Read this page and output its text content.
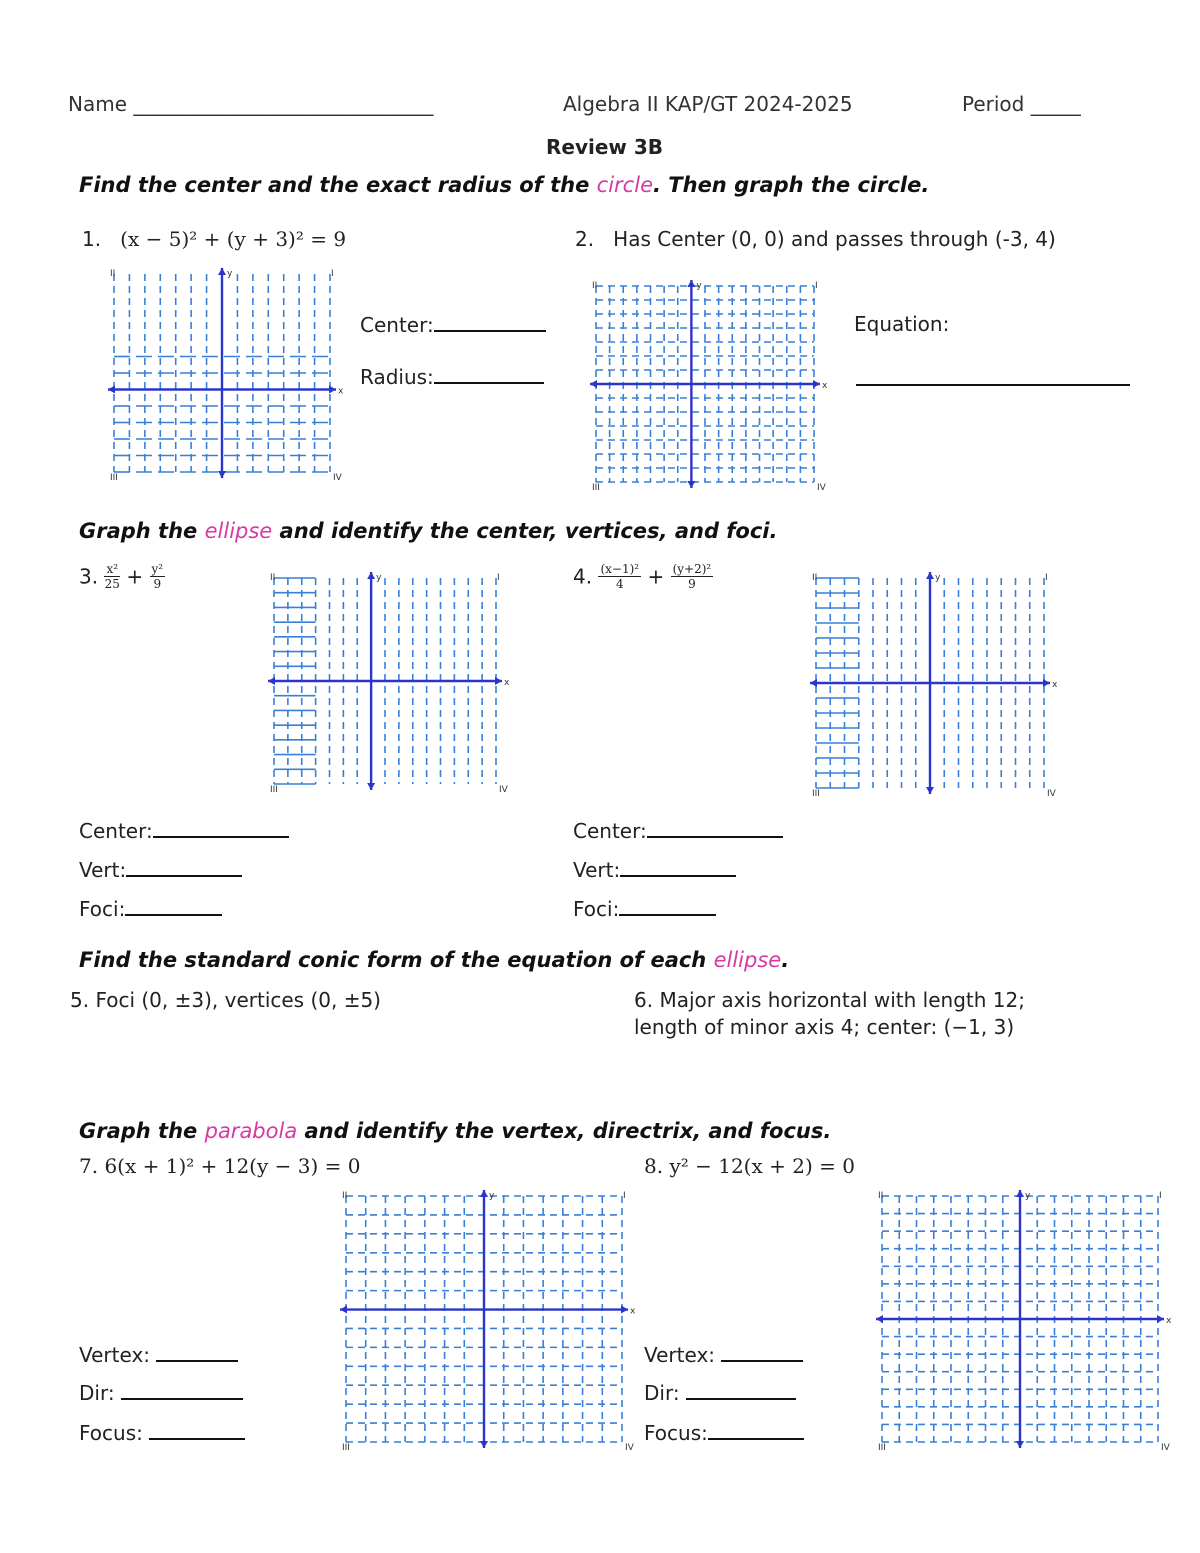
Name ______________________________	Algebra II KAP/GT 2024-2025	Period _____
Review 3B
Find the center and the exact radius of the circle. Then graph the circle.
1. (x − 5)² + (y + 3)² = 9	2. Has Center (0, 0) and passes through (-3, 4)
Center:
Radius:
Equation:
x
y
II	I
III	IV
x
y
II	I
III	IV
Graph the ellipse and identify the center, vertices, and foci.
3. $\frac{\text{x²}}{25} + \frac{\text{y²}}{9}$	4. $\frac{\text{(x−1)²}}{4} + \frac{\text{(y+2)²}}{9}$
x
y
II	I
III	IV
x
y
II	I
III	IV
Center:
Vert:
Foci:
Center:
Vert:
Foci:
Find the standard conic form of the equation of each ellipse.
5. Foci (0, ±3), vertices (0, ±5)	6. Major axis horizontal with length 12;
length of minor axis 4; center: (−1, 3)
Graph the parabola and identify the vertex, directrix, and focus.
7. 6(x + 1)² + 12(y − 3) = 0	8. y² − 12(x + 2) = 0
x
y
II	I
III	IV
x
y
II	I
III	IV
Vertex:
Dir:
Focus:
Vertex:
Dir:
Focus:
